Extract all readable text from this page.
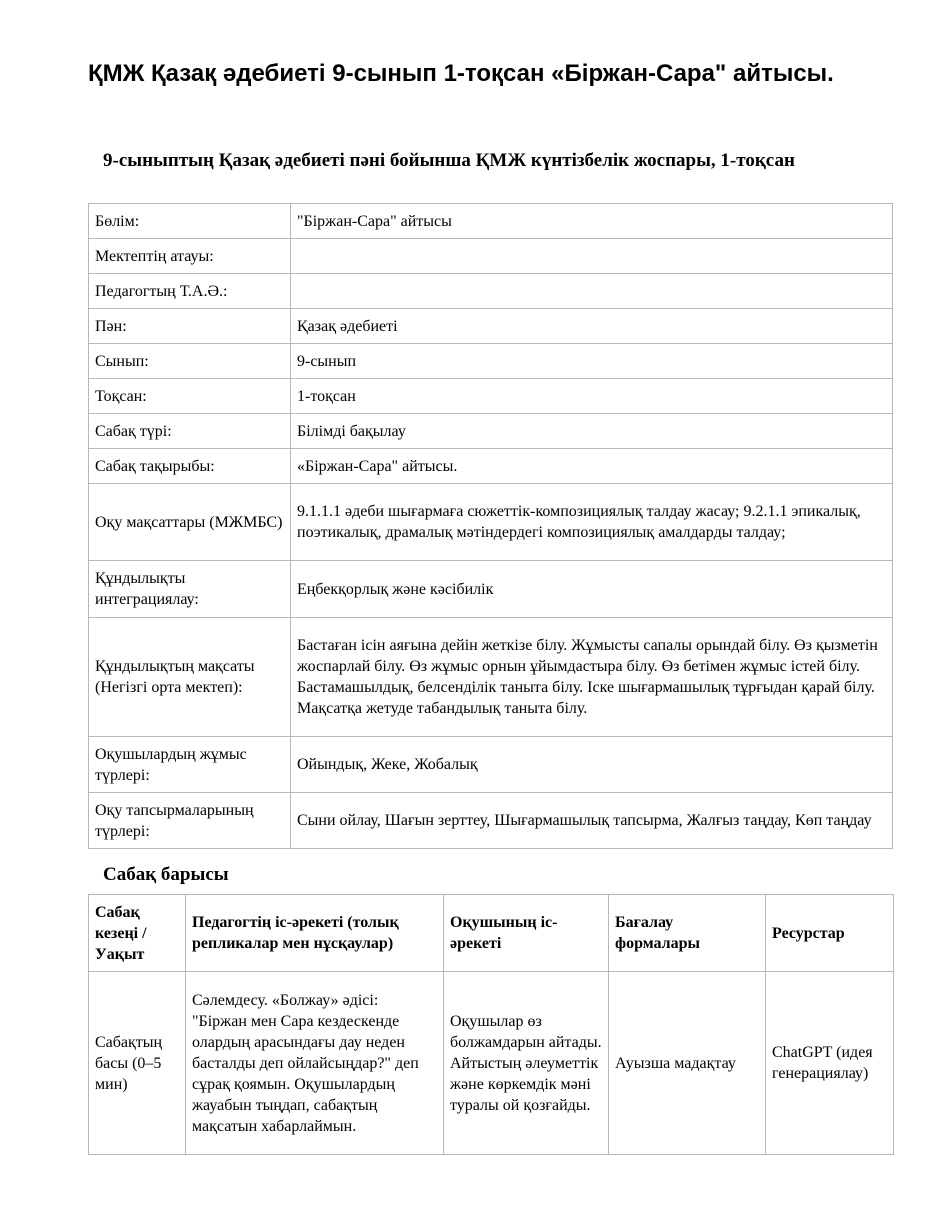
ҚМЖ Қазақ әдебиеті 9-сынып 1-тоқсан «Біржан-Сара" айтысы.
9-сыныптың Қазақ әдебиеті пәні бойынша ҚМЖ күнтізбелік жоспары, 1-тоқсан
Бөлім:	"Біржан-Сара" айтысы
Мектептің атауы:	
Педагогтың Т.А.Ә.:	
Пән:	Қазақ әдебиеті
Сынып:	9-сынып
Тоқсан:	1-тоқсан
Сабақ түрі:	Білімді бақылау
Сабақ тақырыбы:	«Біржан-Сара" айтысы.
Оқу мақсаттары (МЖМБС)	9.1.1.1 әдеби шығармаға сюжеттік-композициялық талдау жасау; 9.2.1.1 эпикалық, поэтикалық, драмалық мәтіндердегі композициялық амалдарды талдау;
Құндылықты интеграциялау:	Еңбекқорлық және кәсібилік
Құндылықтың мақсаты (Негізгі орта мектеп):	Бастаған ісін аяғына дейін жеткізе білу. Жұмысты сапалы орындай білу. Өз қызметін жоспарлай білу. Өз жұмыс орнын ұйымдастыра білу. Өз бетімен жұмыс істей білу. Бастамашылдық, белсенділік таныта білу. Іске шығармашылық тұрғыдан қарай білу. Мақсатқа жетуде табандылық таныта білу.
Оқушылардың жұмыс түрлері:	Ойындық, Жеке, Жобалық
Оқу тапсырмаларының түрлері:	Сыни ойлау, Шағын зерттеу, Шығармашылық тапсырма, Жалғыз таңдау, Көп таңдау
Сабақ барысы
Сабақ кезеңі / Уақыт	Педагогтің іс-әрекеті (толық репликалар мен нұсқаулар)	Оқушының іс-әрекеті	Бағалау формалары	Ресурстар
Сабақтың басы (0–5 мин)	Сәлемдесу. «Болжау» әдісі: "Біржан мен Сара кездескенде олардың арасындағы дау неден басталды деп ойлайсыңдар?" деп сұрақ қоямын. Оқушылардың жауабын тыңдап, сабақтың мақсатын хабарлаймын.	Оқушылар өз болжамдарын айтады. Айтыстың әлеуметтік және көркемдік мәні туралы ой қозғайды.	Ауызша мадақтау	ChatGPT (идея генерациялау)
